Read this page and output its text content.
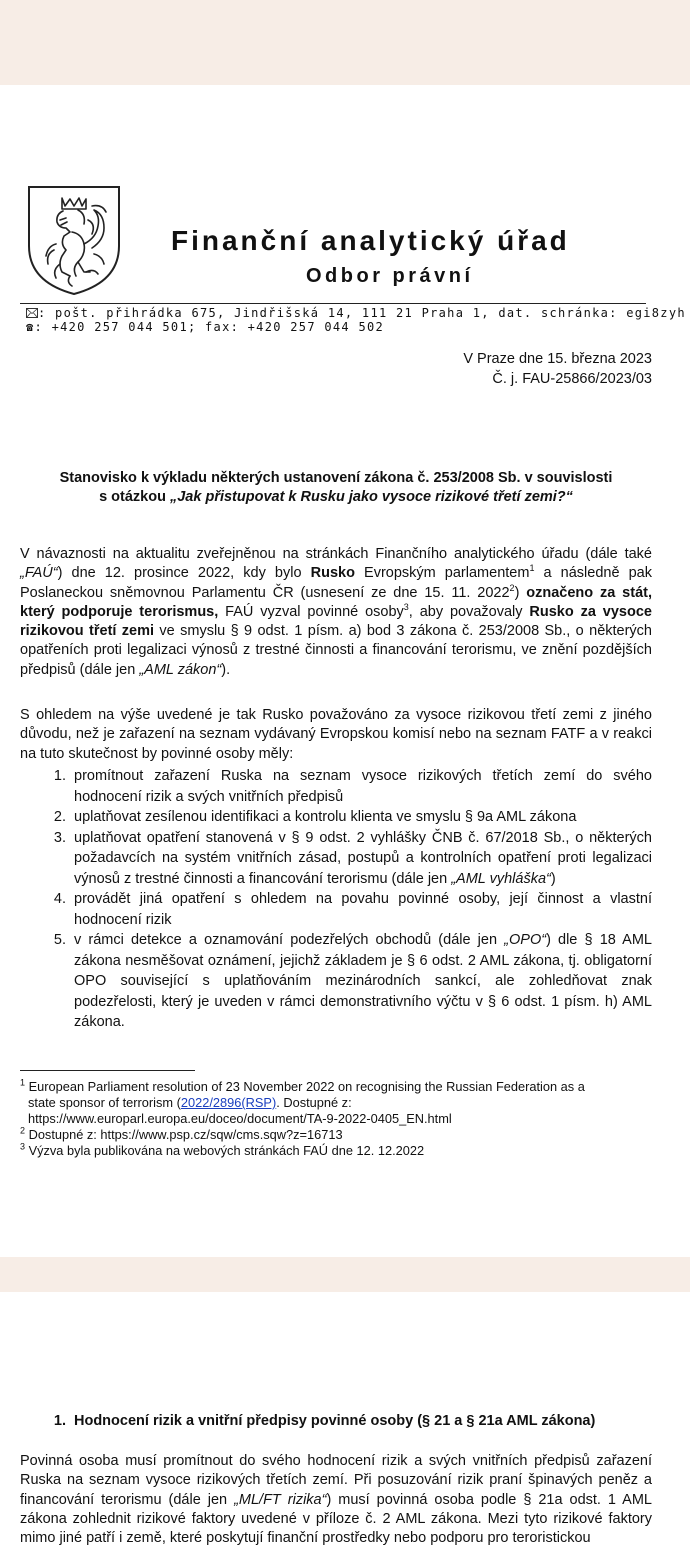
Finanční analytický úřad
Odbor právní
: pošt. přihrádka 675, Jindřišská 14, 111 21 Praha 1, dat. schránka: egi8zyh
☎: +420 257 044 501; fax: +420 257 044 502
V Praze dne 15. března 2023
Č. j. FAU-25866/2023/03
Stanovisko k výkladu některých ustanovení zákona č. 253/2008 Sb. v souvislosti
s otázkou „Jak přistupovat k Rusku jako vysoce rizikové třetí zemi?“
V návaznosti na aktualitu zveřejněnou na stránkách Finančního analytického úřadu (dále také „FAÚ“) dne 12. prosince 2022, kdy bylo Rusko Evropským parlamentem$^1$ a následně pak Poslaneckou sněmovnou Parlamentu ČR (usnesení ze dne 15. 11. 2022$^2$) označeno za stát, který podporuje terorismus, FAÚ vyzval povinné osoby$^3$, aby považovaly Rusko za vysoce rizikovou třetí zemi ve smyslu § 9 odst. 1 písm. a) bod 3 zákona č. 253/2008 Sb., o některých opatřeních proti legalizaci výnosů z trestné činnosti a financování terorismu, ve znění pozdějších předpisů (dále jen „AML zákon“).
S ohledem na výše uvedené je tak Rusko považováno za vysoce rizikovou třetí zemi z jiného důvodu, než je zařazení na seznam vydávaný Evropskou komisí nebo na seznam FATF a v reakci na tuto skutečnost by povinné osoby měly:
1. promítnout zařazení Ruska na seznam vysoce rizikových třetích zemí do svého hodnocení rizik a svých vnitřních předpisů
2. uplatňovat zesílenou identifikaci a kontrolu klienta ve smyslu § 9a AML zákona
3. uplatňovat opatření stanovená v § 9 odst. 2 vyhlášky ČNB č. 67/2018 Sb., o některých požadavcích na systém vnitřních zásad, postupů a kontrolních opatření proti legalizaci výnosů z trestné činnosti a financování terorismu (dále jen „AML vyhláška“)
4. provádět jiná opatření s ohledem na povahu povinné osoby, její činnost a vlastní hodnocení rizik
5. v rámci detekce a oznamování podezřelých obchodů (dále jen „OPO“) dle § 18 AML zákona nesměšovat oznámení, jejichž základem je § 6 odst. 2 AML zákona, tj. obligatorní OPO související s uplatňováním mezinárodních sankcí, ale zohledňovat znak podezřelosti, který je uveden v rámci demonstrativního výčtu v § 6 odst. 1 písm. h) AML zákona.
$^1$ European Parliament resolution of 23 November 2022 on recognising the Russian Federation as a
state sponsor of terrorism (2022/2896(RSP). Dostupné z:
https://www.europarl.europa.eu/doceo/document/TA-9-2022-0405_EN.html
$^2$ Dostupné z: https://www.psp.cz/sqw/cms.sqw?z=16713
$^3$ Výzva byla publikována na webových stránkách FAÚ dne 12. 12.2022
1. Hodnocení rizik a vnitřní předpisy povinné osoby (§ 21 a § 21a AML zákona)
Povinná osoba musí promítnout do svého hodnocení rizik a svých vnitřních předpisů zařazení Ruska na seznam vysoce rizikových třetích zemí. Při posuzování rizik praní špinavých peněz a financování terorismu (dále jen „ML/FT rizika“) musí povinná osoba podle § 21a odst. 1 AML zákona zohlednit rizikové faktory uvedené v příloze č. 2 AML zákona. Mezi tyto rizikové faktory mimo jiné patří i země, které poskytují finanční prostředky nebo podporu pro teroristickou
